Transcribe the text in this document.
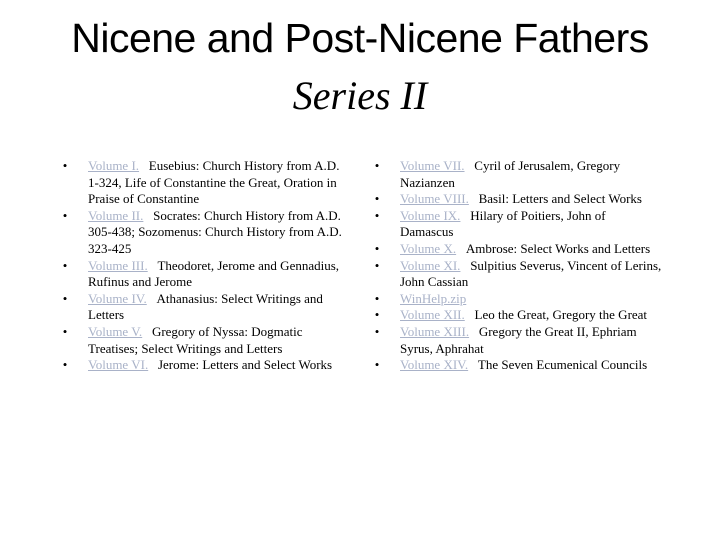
Nicene and Post-Nicene Fathers
Series II
• Volume I. Eusebius: Church History from A.D. 1-324, Life of Constantine the Great, Oration in Praise of Constantine
• Volume II. Socrates: Church History from A.D. 305-438; Sozomenus: Church History from A.D. 323-425
• Volume III. Theodoret, Jerome and Gennadius, Rufinus and Jerome
• Volume IV. Athanasius: Select Writings and Letters
• Volume V. Gregory of Nyssa: Dogmatic Treatises; Select Writings and Letters
• Volume VI. Jerome: Letters and Select Works
• Volume VII. Cyril of Jerusalem, Gregory Nazianzen
• Volume VIII. Basil: Letters and Select Works
• Volume IX. Hilary of Poitiers, John of Damascus
• Volume X. Ambrose: Select Works and Letters
• Volume XI. Sulpitius Severus, Vincent of Lerins, John Cassian
• WinHelp.zip
• Volume XII. Leo the Great, Gregory the Great
• Volume XIII. Gregory the Great II, Ephriam Syrus, Aphrahat
• Volume XIV. The Seven Ecumenical Councils
